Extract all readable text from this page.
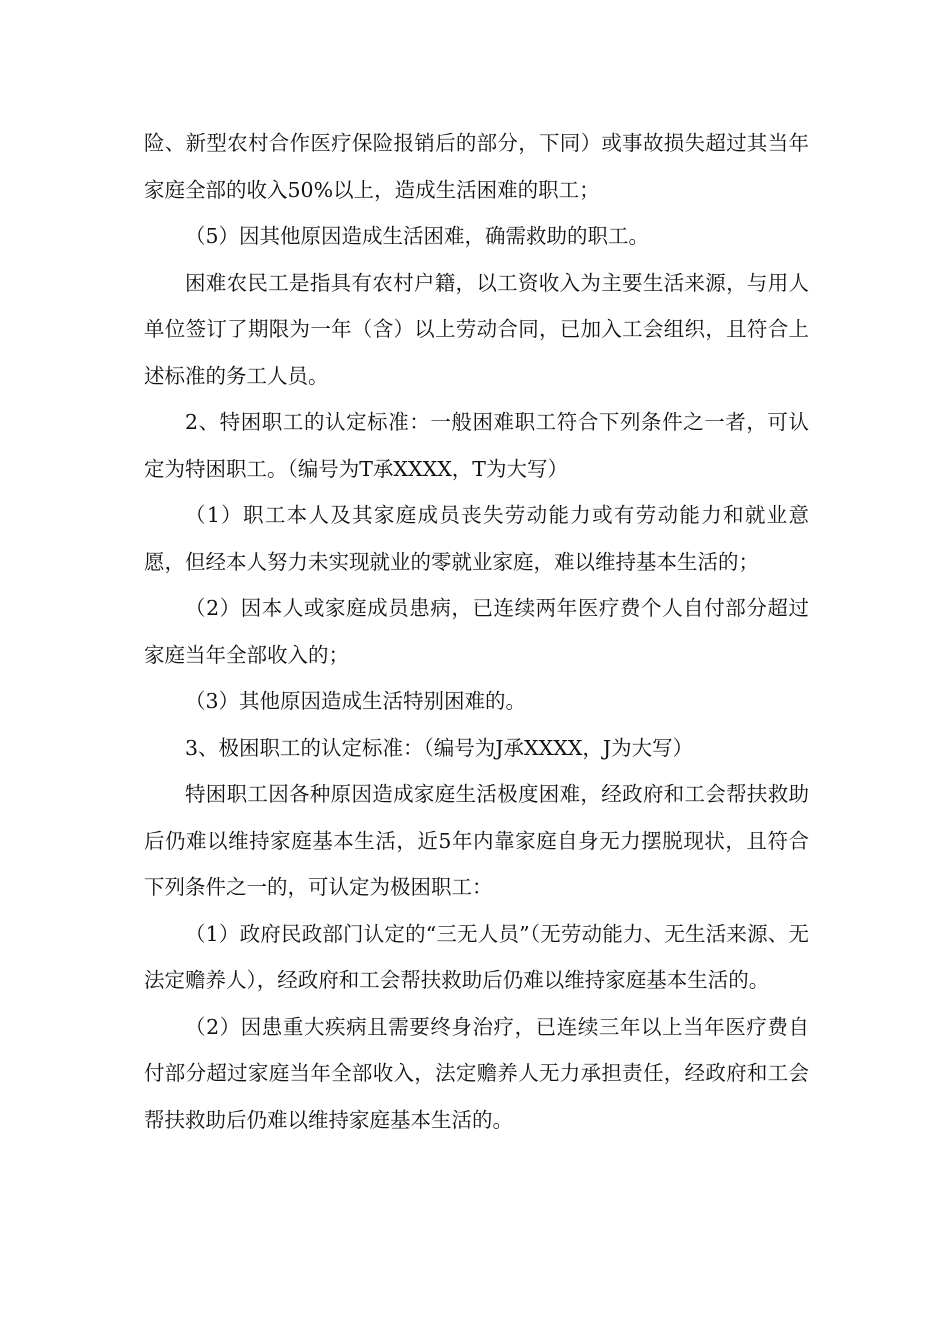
险、新型农村合作医疗保险报销后的部分，下同）或事故损失超过其当年家庭全部的收入50%以上，造成生活困难的职工；

（5）因其他原因造成生活困难，确需救助的职工。

困难农民工是指具有农村户籍，以工资收入为主要生活来源，与用人单位签订了期限为一年（含）以上劳动合同，已加入工会组织，且符合上述标准的务工人员。

2、特困职工的认定标准：一般困难职工符合下列条件之一者，可认定为特困职工。（编号为T承XXXX，T为大写）

（1）职工本人及其家庭成员丧失劳动能力或有劳动能力和就业意愿，但经本人努力未实现就业的零就业家庭，难以维持基本生活的；

（2）因本人或家庭成员患病，已连续两年医疗费个人自付部分超过家庭当年全部收入的；

（3）其他原因造成生活特别困难的。

3、极困职工的认定标准：（编号为J承XXXX，J为大写）

特困职工因各种原因造成家庭生活极度困难，经政府和工会帮扶救助后仍难以维持家庭基本生活，近5年内靠家庭自身无力摆脱现状，且符合下列条件之一的，可认定为极困职工：

（1）政府民政部门认定的“三无人员”（无劳动能力、无生活来源、无法定赡养人），经政府和工会帮扶救助后仍难以维持家庭基本生活的。

（2）因患重大疾病且需要终身治疗，已连续三年以上当年医疗费自付部分超过家庭当年全部收入，法定赡养人无力承担责任，经政府和工会帮扶救助后仍难以维持家庭基本生活的。
